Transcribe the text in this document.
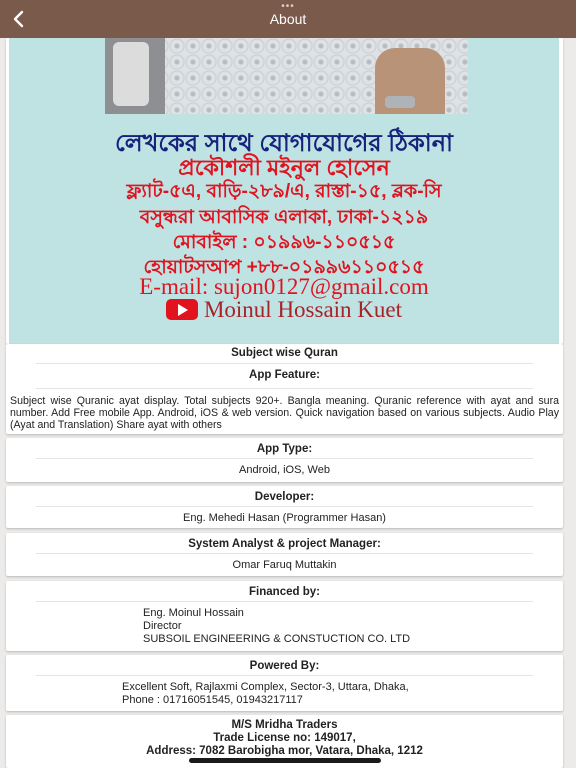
•••
About
লেখকের সাথে যোগাযোগের ঠিকানা
প্রকৌশলী মইনুল হোসেন
ফ্ল্যাট-৫এ, বাড়ি-২৮৯/এ, রাস্তা-১৫, ব্লক-সি
বসুন্ধরা আবাসিক এলাকা, ঢাকা-১২১৯
মোবাইল : ০১৯৯৬-১১০৫১৫
হোয়াটসআপ +৮৮-০১৯৯৬১১০৫১৫
E-mail: sujon0127@gmail.com
Moinul Hossain Kuet
Subject wise Quran
App Feature:
Subject wise Quranic ayat display. Total subjects 920+. Bangla meaning. Quranic reference with ayat and sura number. Add Free mobile App. Android, iOS & web version. Quick navigation based on various subjects. Audio Play (Ayat and Translation) Share ayat with others
App Type:
Android, iOS, Web
Developer:
Eng. Mehedi Hasan (Programmer Hasan)
System Analyst & project Manager:
Omar Faruq Muttakin
Financed by:
Eng. Moinul Hossain
Director
SUBSOIL ENGINEERING & CONSTUCTION CO. LTD
Powered By:
Excellent Soft, Rajlaxmi Complex, Sector-3, Uttara, Dhaka,
Phone : 01716051545, 01943217117
M/S Mridha Traders
Trade License no: 149017,
Address: 7082 Barobigha mor, Vatara, Dhaka, 1212
